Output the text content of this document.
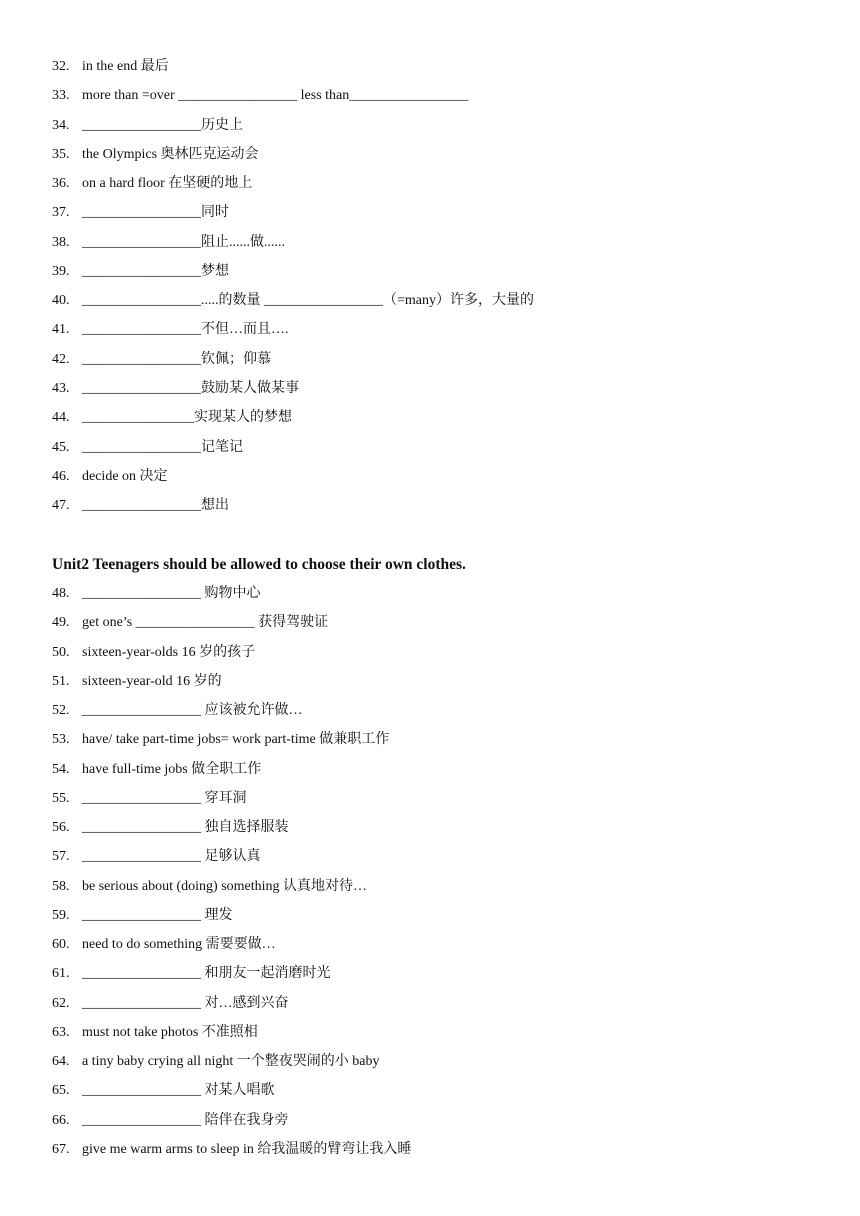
32. in the end 最后
33. more than =over _________________ less than_________________
34. _________________历史上
35. the Olympics 奥林匹克运动会
36. on a hard floor 在坚硬的地上
37. _________________同时
38. _________________阻止......做......
39. _________________梦想
40. _________________.....的数量 _________________（=many）许多，大量的
41. _________________不但…而且….
42. _________________钦佩；仰慕
43. _________________鼓励某人做某事
44. ________________实现某人的梦想
45. _________________记笔记
46. decide on 决定
47. _________________想出
Unit2 Teenagers should be allowed to choose their own clothes.
48. _________________ 购物中心
49. get one’s _________________ 获得驾驶证
50. sixteen-year-olds 16 岁的孩子
51. sixteen-year-old 16 岁的
52. _________________ 应该被允许做…
53. have/ take part-time jobs= work part-time 做兼职工作
54. have full-time jobs 做全职工作
55. _________________ 穿耳洞
56. _________________ 独自选择服装
57. _________________ 足够认真
58. be serious about (doing) something 认真地对待…
59. _________________ 理发
60. need to do something 需要要做…
61. _________________ 和朋友一起消磨时光
62. _________________ 对…感到兴奋
63. must not take photos 不准照相
64. a tiny baby crying all night 一个整夜哭闹的小 baby
65. _________________ 对某人唱歌
66. _________________ 陪伴在我身旁
67. give me warm arms to sleep in 给我温暖的臂弯让我入睡
